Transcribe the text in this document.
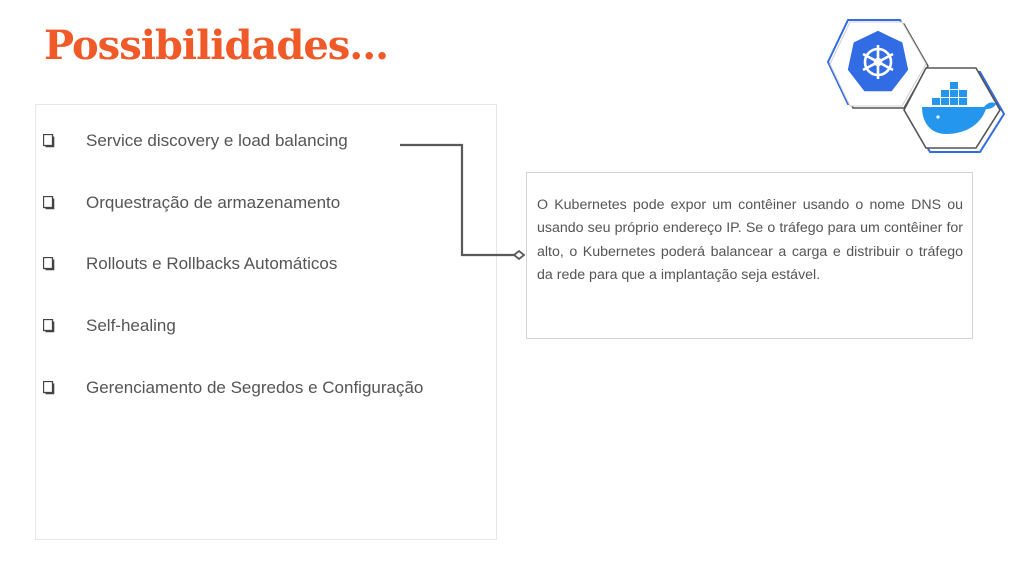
Possibilidades...
Service discovery e load balancing
Orquestração de armazenamento
Rollouts e Rollbacks Automáticos
Self-healing
Gerenciamento de Segredos e Configuração

O Kubernetes pode expor um contêiner usando o nome DNS ou usando seu próprio endereço IP. Se o tráfego para um contêiner for alto, o Kubernetes poderá balancear a carga e distribuir o tráfego da rede para que a implantação seja estável.
